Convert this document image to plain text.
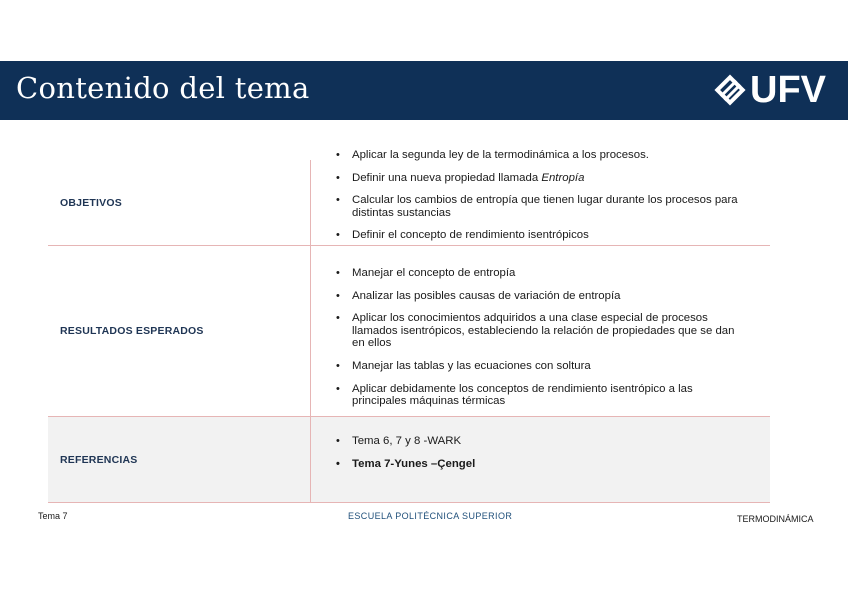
Contenido del tema	UFV
OBJETIVOS
• Aplicar la segunda ley de la termodinámica a los procesos.
• Definir una nueva propiedad llamada Entropía
• Calcular los cambios de entropía que tienen lugar durante los procesos para distintas sustancias
• Definir el concepto de rendimiento isentrópicos
RESULTADOS ESPERADOS
• Manejar el concepto de entropía
• Analizar las posibles causas de variación de entropía
• Aplicar los conocimientos adquiridos a una clase especial de procesos llamados isentrópicos, estableciendo la relación de propiedades que se dan en ellos
• Manejar las tablas y las ecuaciones con soltura
• Aplicar debidamente los conceptos de rendimiento isentrópico a las principales máquinas térmicas
REFERENCIAS
• Tema 6, 7 y 8 -WARK
• Tema 7-Yunes –Çengel
Tema 7	ESCUELA POLITÉCNICA SUPERIOR	TERMODINÁMICA
